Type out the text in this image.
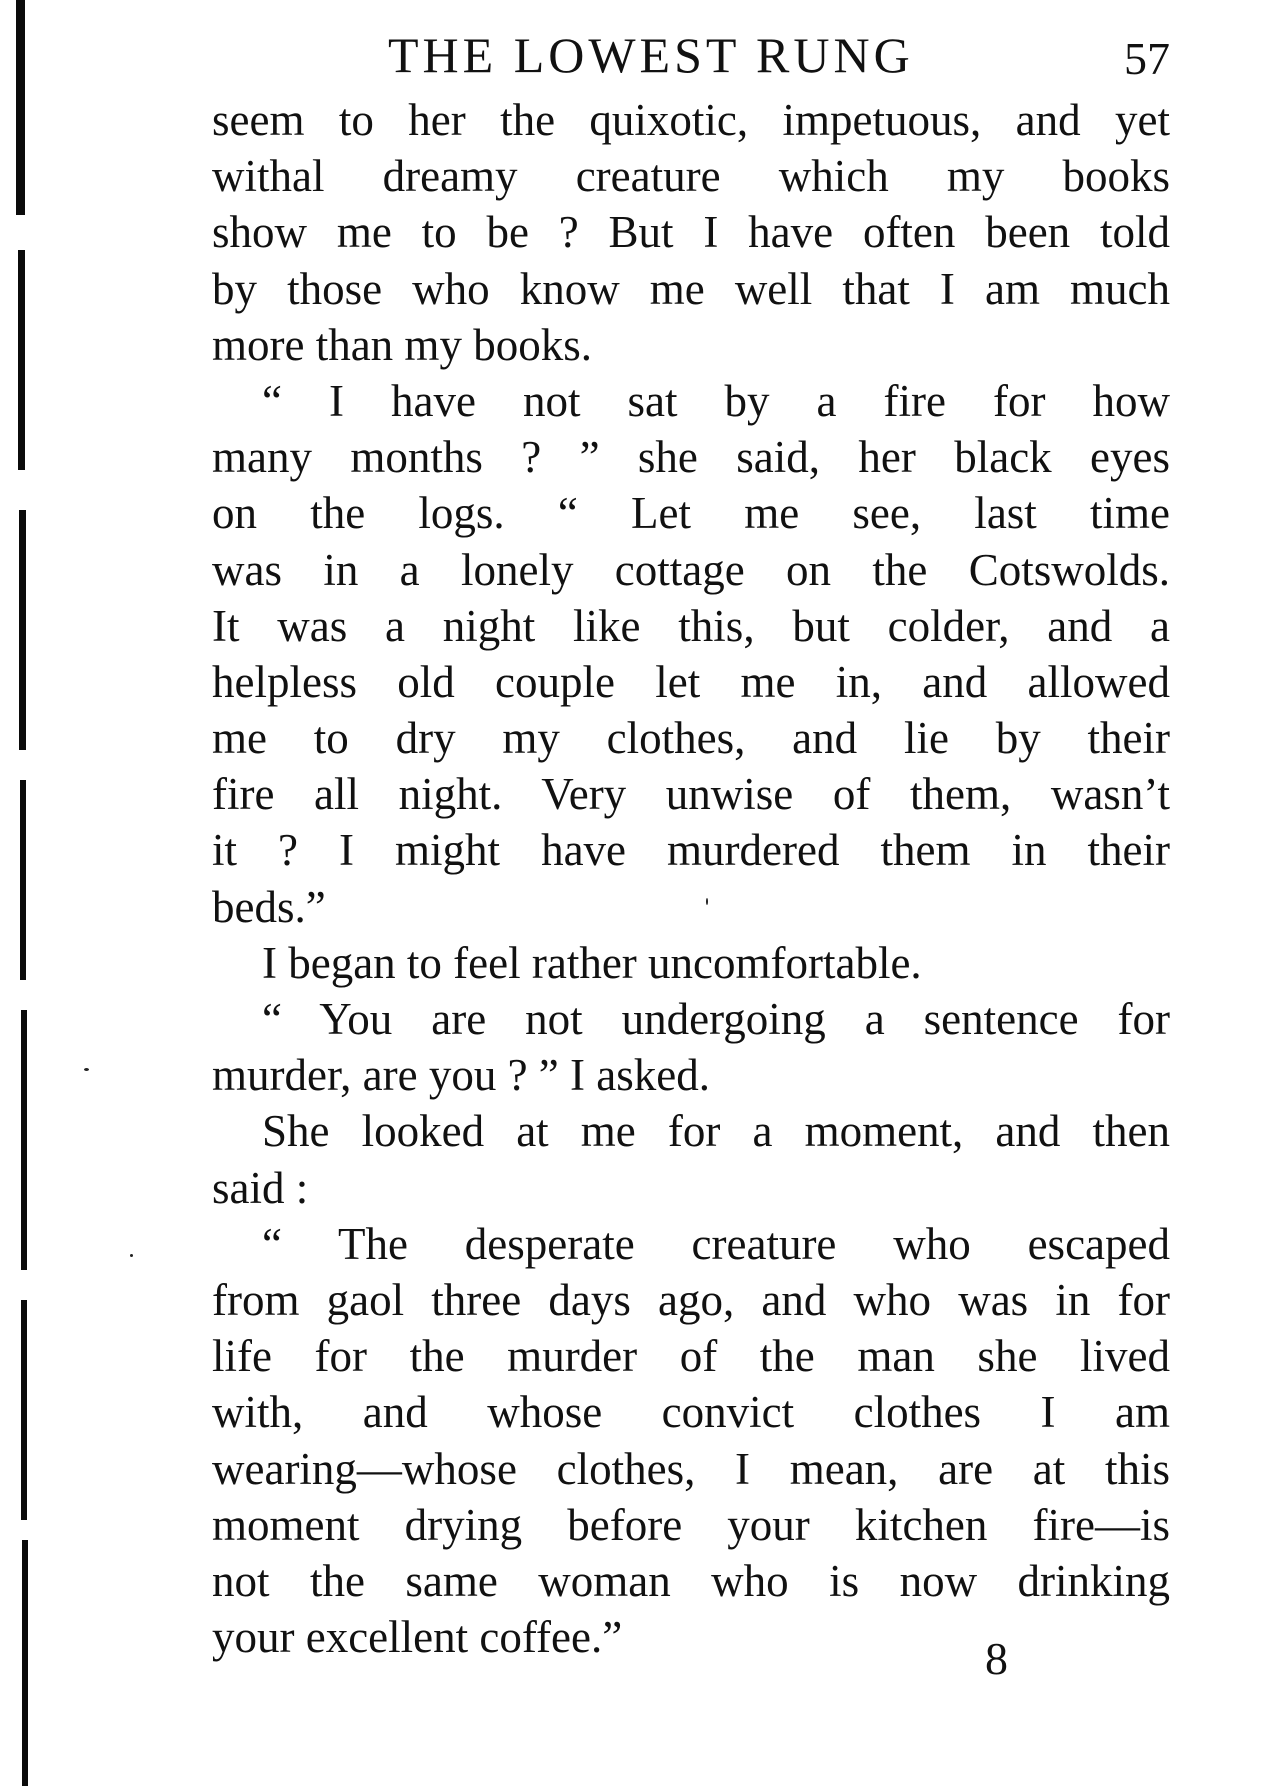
THE LOWEST RUNG	57
seem to her the quixotic, impetuous, and yet
withal dreamy creature which my books
show me to be ? But I have often been told
by those who know me well that I am much
more than my books.
“ I have not sat by a fire for how
many months ? ” she said, her black eyes
on the logs. “ Let me see, last time
was in a lonely cottage on the Cotswolds.
It was a night like this, but colder, and a
helpless old couple let me in, and allowed
me to dry my clothes, and lie by their
fire all night. Very unwise of them, wasn’t
it ? I might have murdered them in their
beds.”
I began to feel rather uncomfortable.
“ You are not undergoing a sentence for
murder, are you ? ” I asked.
She looked at me for a moment, and then
said :
“ The desperate creature who escaped
from gaol three days ago, and who was in for
life for the murder of the man she lived
with, and whose convict clothes I am
wearing—whose clothes, I mean, are at this
moment drying before your kitchen fire—is
not the same woman who is now drinking
your excellent coffee.”	8
